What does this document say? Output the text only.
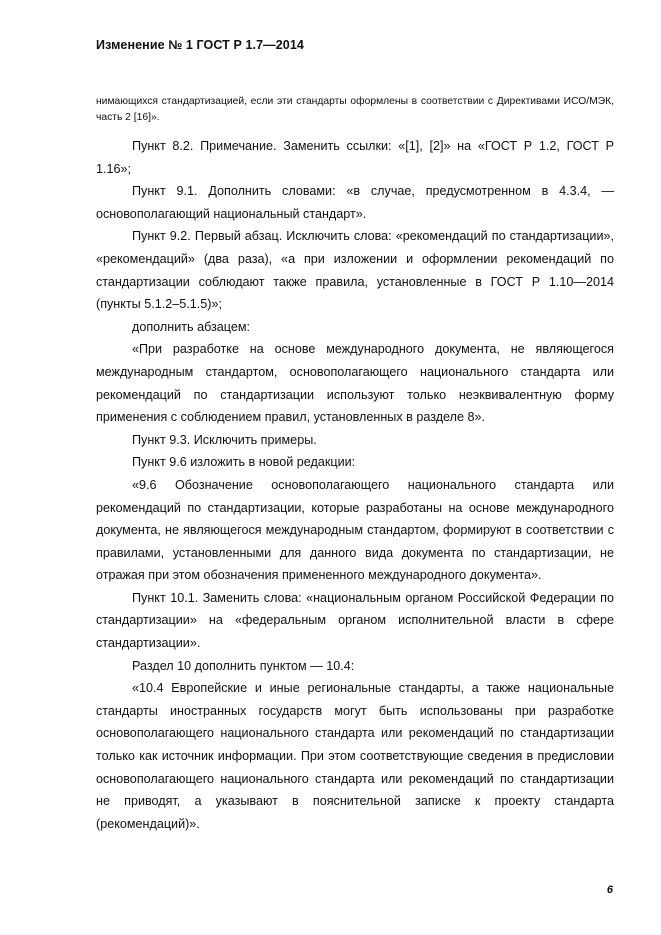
Изменение № 1 ГОСТ Р 1.7—2014

нимающихся стандартизацией, если эти стандарты оформлены в соответствии с Директивами ИСО/МЭК, часть 2 [16]».

Пункт 8.2. Примечание. Заменить ссылки: «[1], [2]» на «ГОСТ Р 1.2, ГОСТ Р 1.16»;

Пункт 9.1. Дополнить словами: «в случае, предусмотренном в 4.3.4, — основополагающий национальный стандарт».

Пункт 9.2. Первый абзац. Исключить слова: «рекомендаций по стандартизации», «рекомендаций» (два раза), «а при изложении и оформлении рекомендаций по стандартизации соблюдают также правила, установленные в ГОСТ Р 1.10—2014 (пункты 5.1.2–5.1.5)»;

дополнить абзацем:

«При разработке на основе международного документа, не являющегося международным стандартом, основополагающего национального стандарта или рекомендаций по стандартизации используют только неэквивалентную форму применения с соблюдением правил, установленных в разделе 8».

Пункт 9.3. Исключить примеры.

Пункт 9.6 изложить в новой редакции:

«9.6 Обозначение основополагающего национального стандарта или рекомендаций по стандартизации, которые разработаны на основе международного документа, не являющегося международным стандартом, формируют в соответствии с правилами, установленными для данного вида документа по стандартизации, не отражая при этом обозначения примененного международного документа».

Пункт 10.1. Заменить слова: «национальным органом Российской Федерации по стандартизации» на «федеральным органом исполнительной власти в сфере стандартизации».

Раздел 10 дополнить пунктом — 10.4:

«10.4 Европейские и иные региональные стандарты, а также национальные стандарты иностранных государств могут быть использованы при разработке основополагающего национального стандарта или рекомендаций по стандартизации только как источник информации. При этом соответствующие сведения в предисловии основополагающего национального стандарта или рекомендаций по стандартизации не приводят, а указывают в пояснительной записке к проекту стандарта (рекомендаций)».

6
